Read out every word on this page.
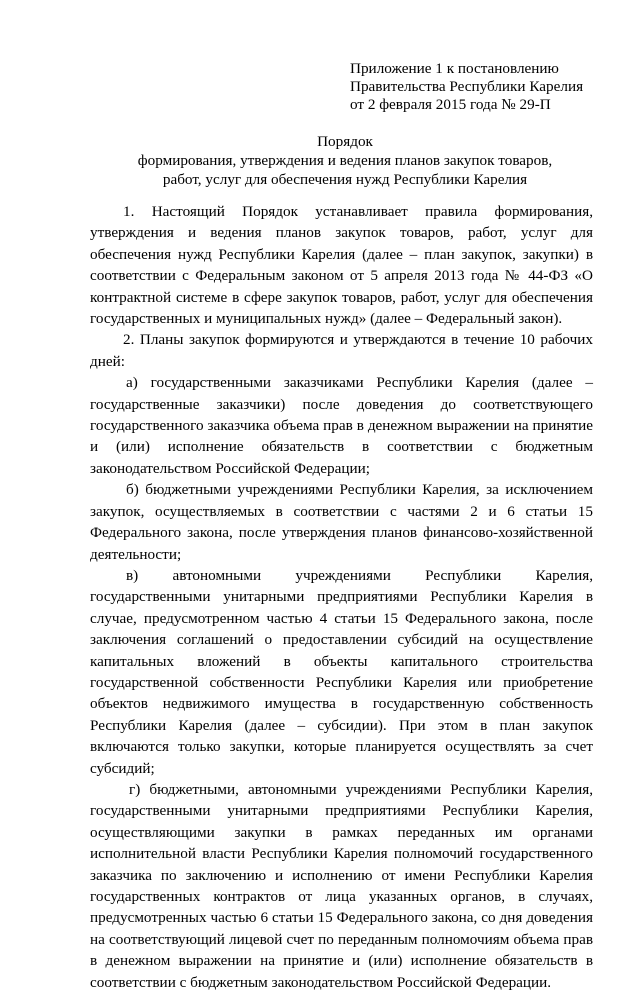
Приложение 1 к постановлению
Правительства Республики Карелия
от 2 февраля 2015 года № 29-П
Порядок
формирования, утверждения и ведения планов закупок товаров,
работ, услуг для обеспечения нужд Республики Карелия

1. Настоящий Порядок устанавливает правила формирования, утверждения и ведения планов закупок товаров, работ, услуг для обеспечения нужд Республики Карелия (далее – план закупок, закупки) в соответствии с Федеральным законом от 5 апреля 2013 года № 44-ФЗ «О контрактной системе в сфере закупок товаров, работ, услуг для обеспечения государственных и муниципальных нужд» (далее – Федеральный закон).

2. Планы закупок формируются и утверждаются в течение 10 рабочих дней:

а) государственными заказчиками Республики Карелия (далее – государственные заказчики) после доведения до соответствующего государственного заказчика объема прав в денежном выражении на принятие и (или) исполнение обязательств в соответствии с бюджетным законодательством Российской Федерации;

б) бюджетными учреждениями Республики Карелия, за исключением закупок, осуществляемых в соответствии с частями 2 и 6 статьи 15 Федерального закона, после утверждения планов финансово-хозяйственной деятельности;

в) автономными учреждениями Республики Карелия, государственными унитарными предприятиями Республики Карелия в случае, предусмотренном частью 4 статьи 15 Федерального закона, после заключения соглашений о предоставлении субсидий на осуществление капитальных вложений в объекты капитального строительства государственной собственности Республики Карелия или приобретение объектов недвижимого имущества в государственную собственность Республики Карелия (далее – субсидии). При этом в план закупок включаются только закупки, которые планируется осуществлять за счет субсидий;

г) бюджетными, автономными учреждениями Республики Карелия, государственными унитарными предприятиями Республики Карелия, осуществляющими закупки в рамках переданных им органами исполнительной власти Республики Карелия полномочий государственного заказчика по заключению и исполнению от имени Республики Карелия государственных контрактов от лица указанных органов, в случаях, предусмотренных частью 6 статьи 15 Федерального закона, со дня доведения на соответствующий лицевой счет по переданным полномочиям объема прав в денежном выражении на принятие и (или) исполнение обязательств в соответствии с бюджетным законодательством Российской Федерации.
